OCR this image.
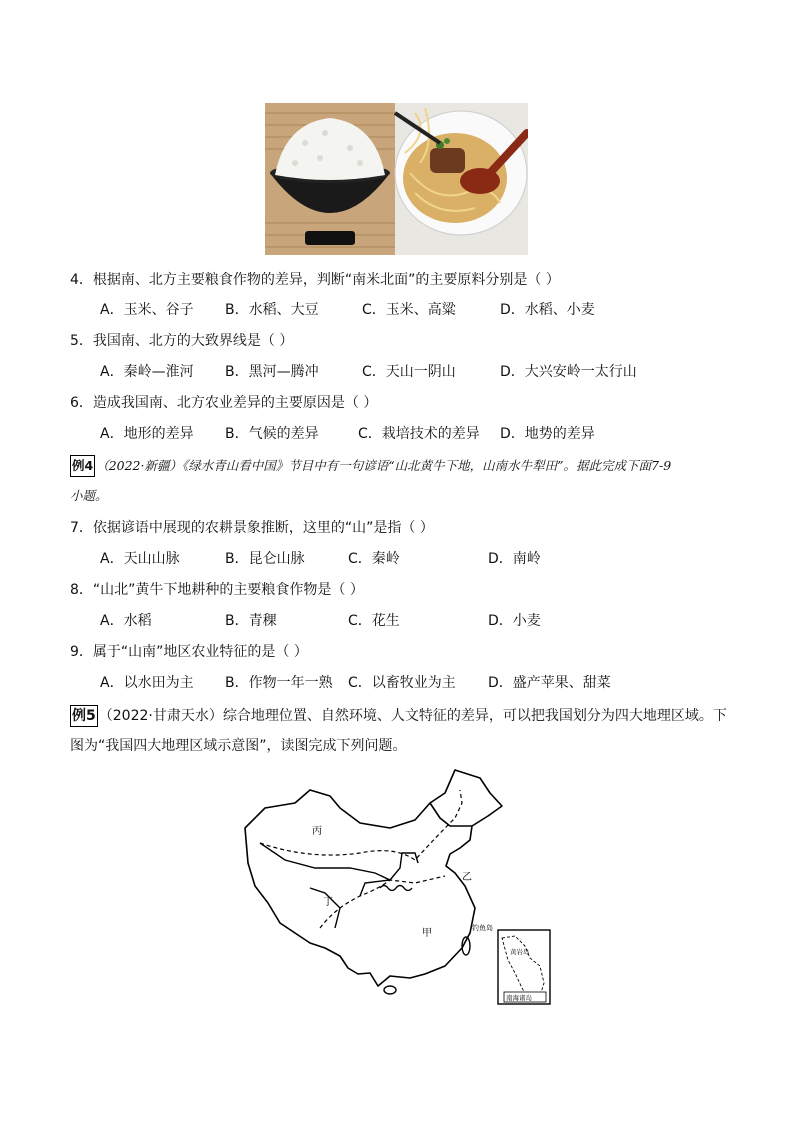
4．根据南、北方主要粮食作物的差异，判断“南米北面”的主要原料分别是（ ）
A．玉米、谷子 B．水稻、大豆	C．玉米、高粱	D．水稻、小麦
5．我国南、北方的大致界线是（ ）
A．秦岭—淮河 B．黑河—腾冲	C．天山一阴山	D．大兴安岭一太行山
6．造成我国南、北方农业差异的主要原因是（ ）
A．地形的差异 B．气候的差异	C．栽培技术的差异 D．地势的差异
例4 （2022·新疆）《绿水青山看中国》节目中有一句谚语“山北黄牛下地，山南水牛犁田”。据此完成下面7-9
小题。
7．依据谚语中展现的农耕景象推断，这里的“山”是指（ ）
A．天山山脉	B．昆仑山脉	C．秦岭	D．南岭
8．“山北”黄牛下地耕种的主要粮食作物是（ ）
A．水稻	B．青稞	C．花生	D．小麦
9．属于“山南”地区农业特征的是（ ）
A．以水田为主 B．作物一年一熟 C．以畜牧业为主 D．盛产苹果、甜菜
例5 （2022·甘肃天水）综合地理位置、自然环境、人文特征的差异，可以把我国划分为四大地理区域。下
图为“我国四大地理区域示意图”，读图完成下列问题。
丙
乙
丁
甲	钓鱼岛
黄岩岛
南海诸岛
